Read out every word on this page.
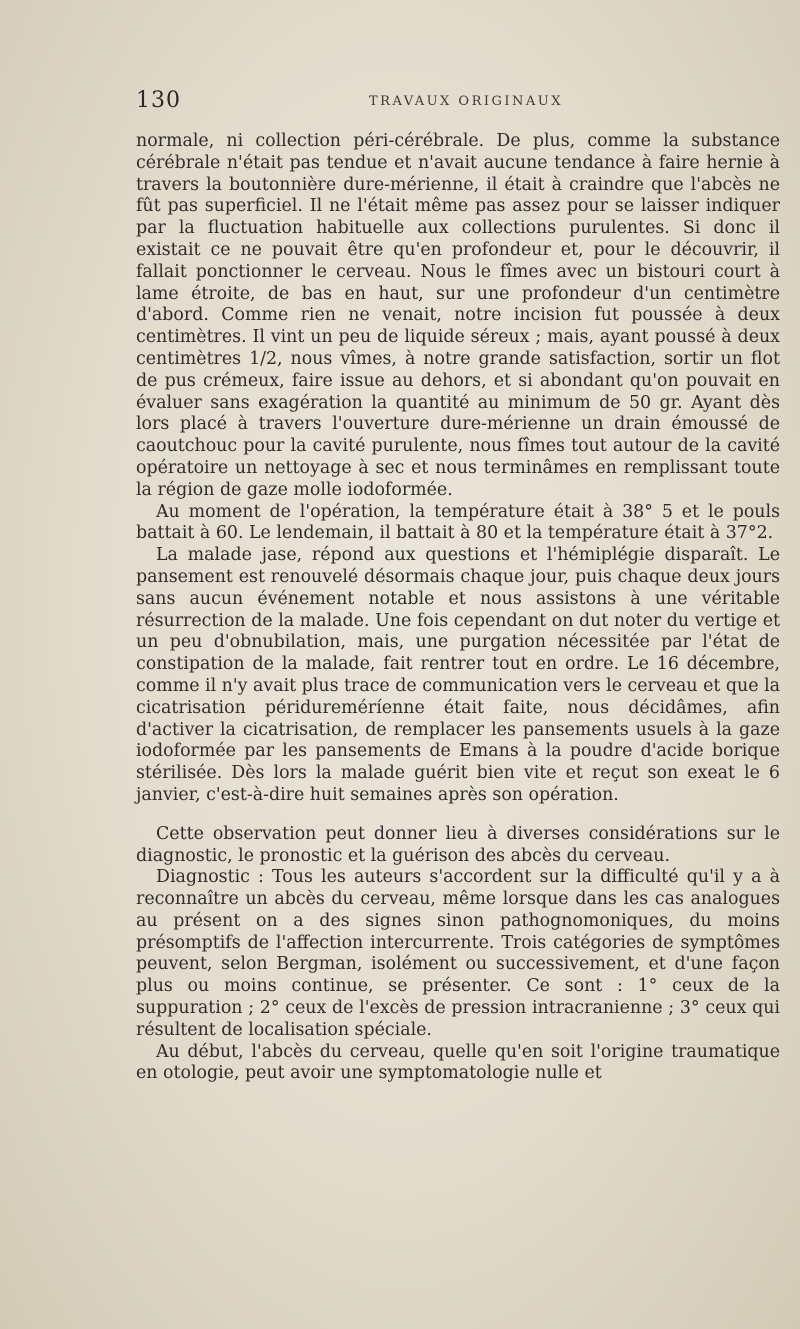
130	TRAVAUX ORIGINAUX

normale, ni collection péri-cérébrale. De plus, comme la substance cérébrale n'était pas tendue et n'avait aucune tendance à faire hernie à travers la boutonnière dure-mérienne, il était à craindre que l'abcès ne fût pas superficiel. Il ne l'était même pas assez pour se laisser indiquer par la fluctuation habituelle aux collections purulentes. Si donc il existait ce ne pouvait être qu'en profondeur et, pour le découvrir, il fallait ponctionner le cerveau. Nous le fîmes avec un bistouri court à lame étroite, de bas en haut, sur une profondeur d'un centimètre d'abord. Comme rien ne venait, notre incision fut poussée à deux centimètres. Il vint un peu de liquide séreux ; mais, ayant poussé à deux centimètres 1/2, nous vîmes, à notre grande satisfaction, sortir un flot de pus crémeux, faire issue au dehors, et si abondant qu'on pouvait en évaluer sans exagération la quantité au minimum de 50 gr. Ayant dès lors placé à travers l'ouverture dure-mérienne un drain émoussé de caoutchouc pour la cavité purulente, nous fîmes tout autour de la cavité opératoire un nettoyage à sec et nous terminâmes en remplissant toute la région de gaze molle iodoformée.

Au moment de l'opération, la température était à 38° 5 et le pouls battait à 60. Le lendemain, il battait à 80 et la température était à 37°2.

La malade jase, répond aux questions et l'hémiplégie disparaît. Le pansement est renouvelé désormais chaque jour, puis chaque deux jours sans aucun événement notable et nous assistons à une véritable résurrection de la malade. Une fois cependant on dut noter du vertige et un peu d'obnubilation, mais, une purgation nécessitée par l'état de constipation de la malade, fait rentrer tout en ordre. Le 16 décembre, comme il n'y avait plus trace de communication vers le cerveau et que la cicatrisation péridureméríenne était faite, nous décidâmes, afin d'activer la cicatrisation, de remplacer les pansements usuels à la gaze iodoformée par les pansements de Emans à la poudre d'acide borique stérilisée. Dès lors la malade guérit bien vite et reçut son exeat le 6 janvier, c'est-à-dire huit semaines après son opération.

Cette observation peut donner lieu à diverses considérations sur le diagnostic, le pronostic et la guérison des abcès du cerveau.

Diagnostic : Tous les auteurs s'accordent sur la difficulté qu'il y a à reconnaître un abcès du cerveau, même lorsque dans les cas analogues au présent on a des signes sinon pathognomoniques, du moins présomptifs de l'affection intercurrente. Trois catégories de symptômes peuvent, selon Bergman, isolément ou successivement, et d'une façon plus ou moins continue, se présenter. Ce sont : 1° ceux de la suppuration ; 2° ceux de l'excès de pression intracranienne ; 3° ceux qui résultent de localisation spéciale.

Au début, l'abcès du cerveau, quelle qu'en soit l'origine traumatique en otologie, peut avoir une symptomatologie nulle et
